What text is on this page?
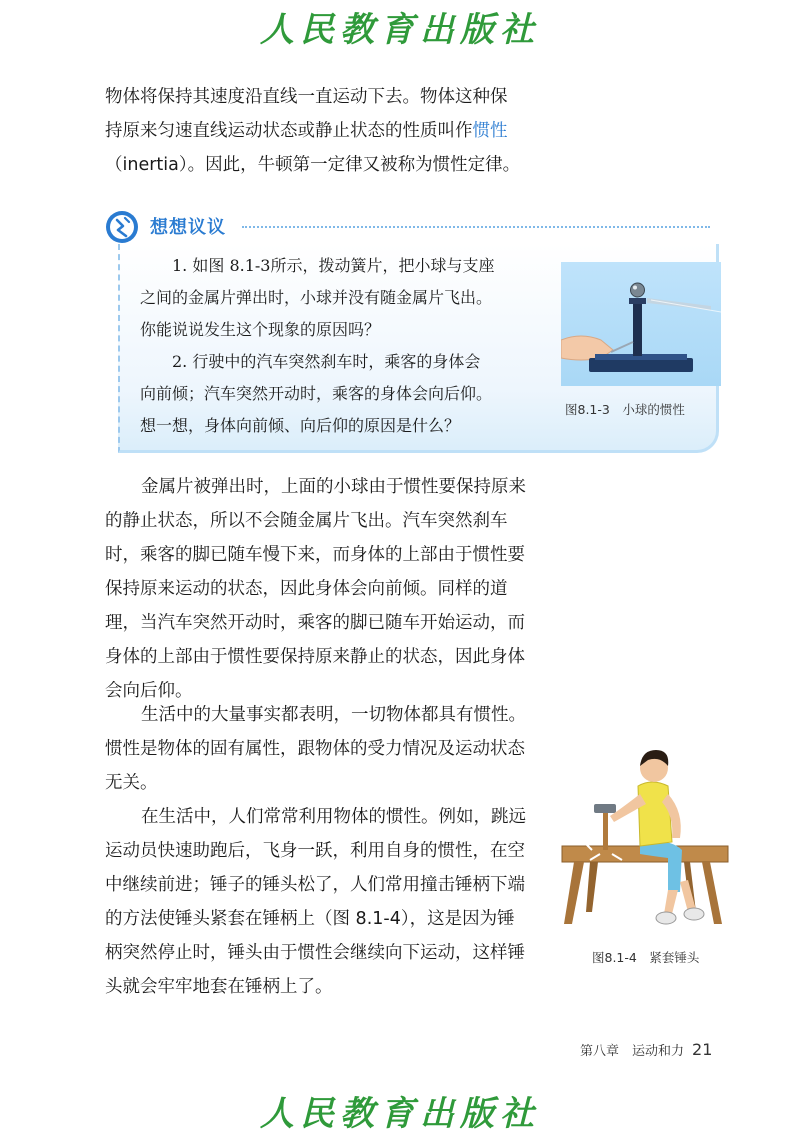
人民教育出版社

物体将保持其速度沿直线一直运动下去。物体这种保
持原来匀速直线运动状态或静止状态的性质叫作惯性
（inertia）。因此，牛顿第一定律又被称为惯性定律。

想想议议

1. 如图 8.1-3所示，拨动簧片，把小球与支座
之间的金属片弹出时，小球并没有随金属片飞出。
你能说说发生这个现象的原因吗？

2. 行驶中的汽车突然刹车时，乘客的身体会
向前倾；汽车突然开动时，乘客的身体会向后仰。
想一想，身体向前倾、向后仰的原因是什么？

图8.1-3　小球的惯性

金属片被弹出时，上面的小球由于惯性要保持原来
的静止状态，所以不会随金属片飞出。汽车突然刹车
时，乘客的脚已随车慢下来，而身体的上部由于惯性要
保持原来运动的状态，因此身体会向前倾。同样的道
理，当汽车突然开动时，乘客的脚已随车开始运动，而
身体的上部由于惯性要保持原来静止的状态，因此身体
会向后仰。

生活中的大量事实都表明，一切物体都具有惯性。
惯性是物体的固有属性，跟物体的受力情况及运动状态
无关。

在生活中，人们常常利用物体的惯性。例如，跳远
运动员快速助跑后，飞身一跃，利用自身的惯性，在空
中继续前进；锤子的锤头松了，人们常用撞击锤柄下端
的方法使锤头紧套在锤柄上（图 8.1-4），这是因为锤
柄突然停止时，锤头由于惯性会继续向下运动，这样锤
头就会牢牢地套在锤柄上了。

图8.1-4　紧套锤头
第八章　运动和力 21
人民教育出版社
